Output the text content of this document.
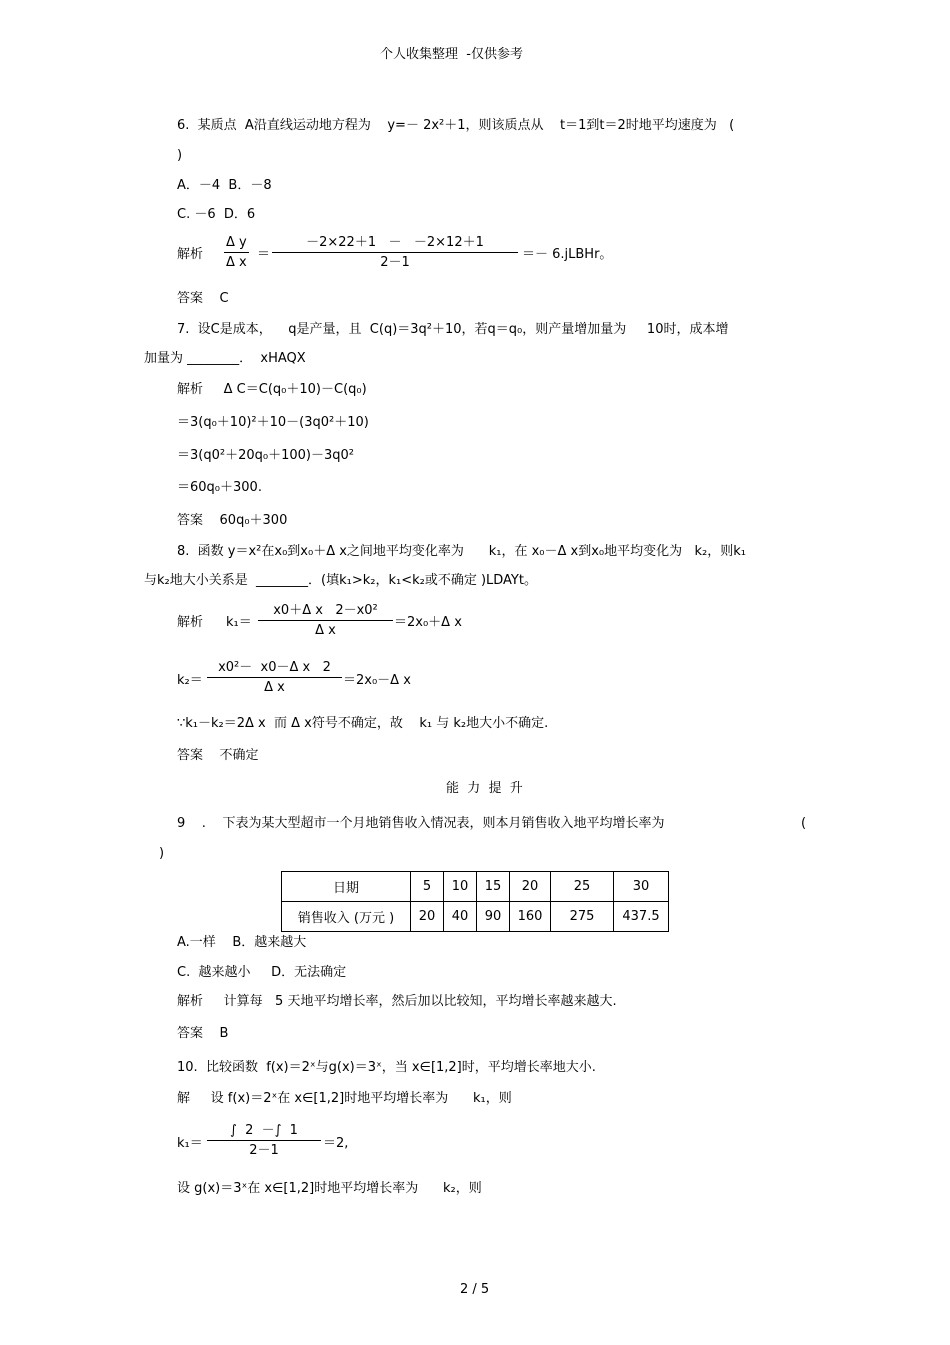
个人收集整理  -仅供参考
6.  某质点  A沿直线运动地方程为    y=－ 2x²＋1，则该质点从    t＝1到t＝2时地平均速度为   (
)
A．－4  B．－8
C. －6  D．6
解析 $\frac{\text{Δ y}}{\text{Δ x}} = \frac{-2\times 22+1 - -2\times 12+1}{2-1}$ ＝－ 6.jLBHr。
答案    C
7.  设C是成本，    q是产量，且  C(q)＝3q²＋10，若q＝q₀，则产量增加量为     10时，成本增
加量为 ________．  xHAQX
解析     Δ C＝C(q₀＋10)－C(q₀)
＝3(q₀＋10)²＋10－(3q0²＋10)
＝3(q0²＋20q₀＋100)－3q0²
＝60q₀＋300.
答案    60q₀＋300
8.  函数 y＝x²在x₀到x₀＋Δ x之间地平均变化率为      k₁，在 x₀－Δ x到x₀地平均变化为   k₂，则k₁
与k₂地大小关系是  ________．(填k₁>k₂，k₁<k₂或不确定 )LDAYt。
解析 $k_1= \frac{\text{x0＋Δ x   2－x0²}}{\text{Δ x}} =2x_0+\Delta$ x
$k_2= \frac{\text{x0²－  x0－Δ x   2}}{\text{Δ x}} =2x_0-\Delta$ x
∵k₁－k₂＝2Δ x  而 Δ x符号不确定，故    k₁ 与 k₂地大小不确定.
答案    不确定
能  力  提  升
9    .    下表为某大型超市一个月地销售收入情况表，则本月销售收入地平均增长率为	(
)
日期	5	10	15	20	25	30
销售收入 (万元 )	20	40	90	160	275	437.5
A.一样    B．越来越大
C.  越来越小     D．无法确定
解析     计算每   5 天地平均增长率，然后加以比较知，平均增长率越来越大.
答案    B
10.  比较函数  f(x)＝2ˣ与g(x)＝3ˣ，当 x∈[1,2]时，平均增长率地大小.
解     设 f(x)＝2ˣ在 x∈[1,2]时地平均增长率为      k₁，则
$k_1= \frac{\int 2 -\int 1}{2-1} =2$,
设 g(x)＝3ˣ在 x∈[1,2]时地平均增长率为      k₂，则
2 / 5
